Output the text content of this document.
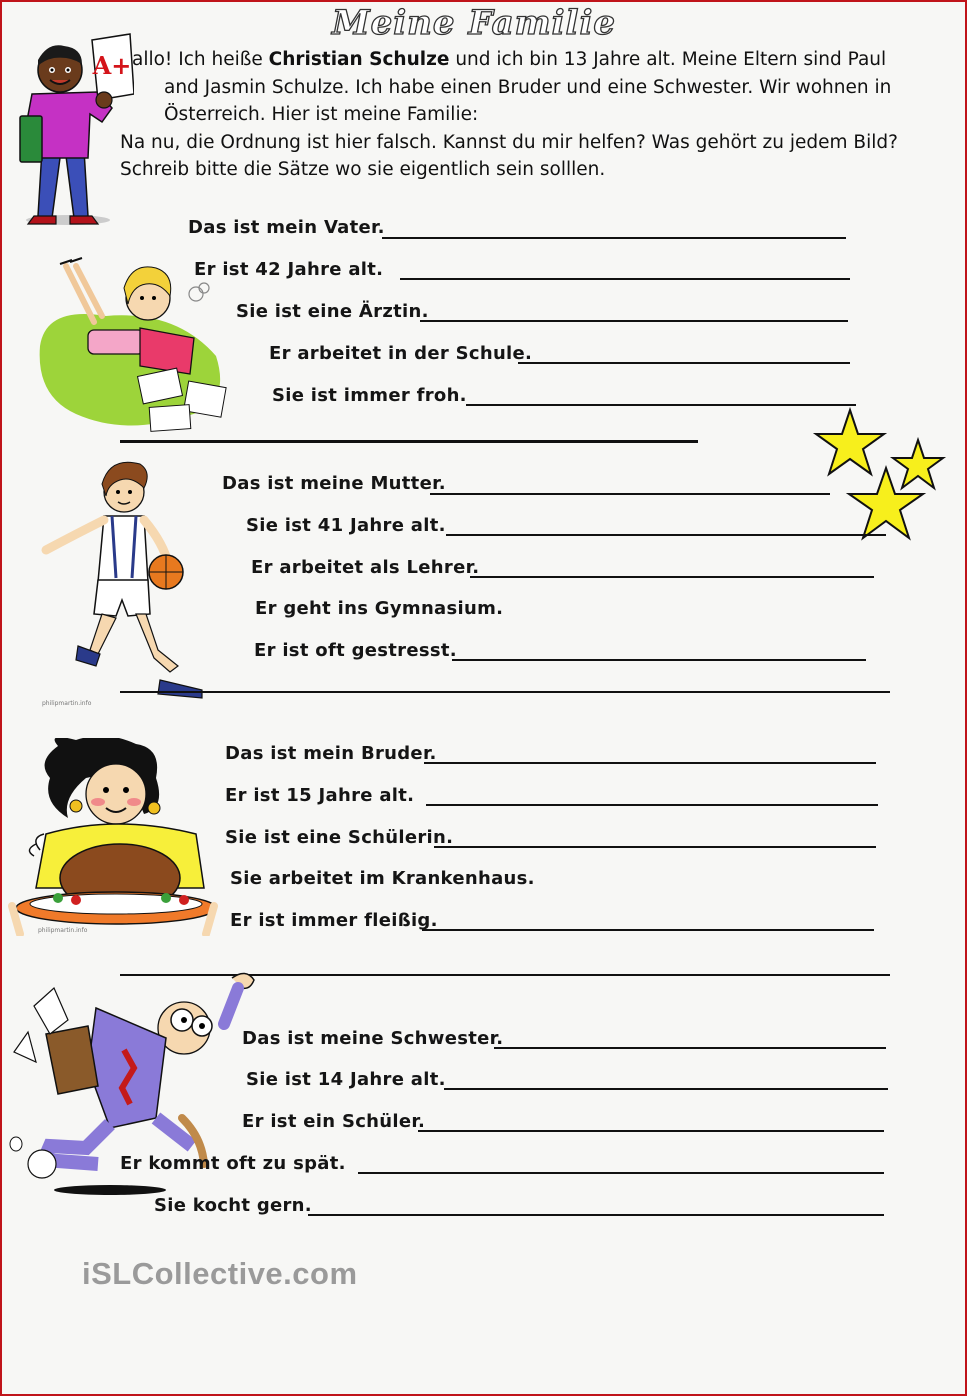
Meine Familie
A+ allo! Ich heiße Christian Schulze und ich bin 13 Jahre alt. Meine Eltern sind Paul
and Jasmin Schulze. Ich habe einen Bruder und eine Schwester. Wir wohnen in
Österreich. Hier ist meine Familie:
Na nu, die Ordnung ist hier falsch. Kannst du mir helfen? Was gehört zu jedem Bild?
Schreib bitte die Sätze wo sie eigentlich sein solllen.
Das ist mein Vater.
Er ist 42 Jahre alt.
Sie ist eine Ärztin.
Er arbeitet in der Schule.
Sie ist immer froh.
philipmartin.info
Das ist meine Mutter.
Sie ist 41 Jahre alt.
Er arbeitet als Lehrer.
Er geht ins Gymnasium.
Er ist oft gestresst.
philipmartin.info
Das ist mein Bruder.
Er ist 15 Jahre alt.
Sie ist eine Schülerin.
Sie arbeitet im Krankenhaus.
Er ist immer fleißig.
Das ist meine Schwester.
Sie ist 14 Jahre alt.
Er ist ein Schüler.
Er kommt oft zu spät.
Sie kocht gern.
iSLCollective.com
